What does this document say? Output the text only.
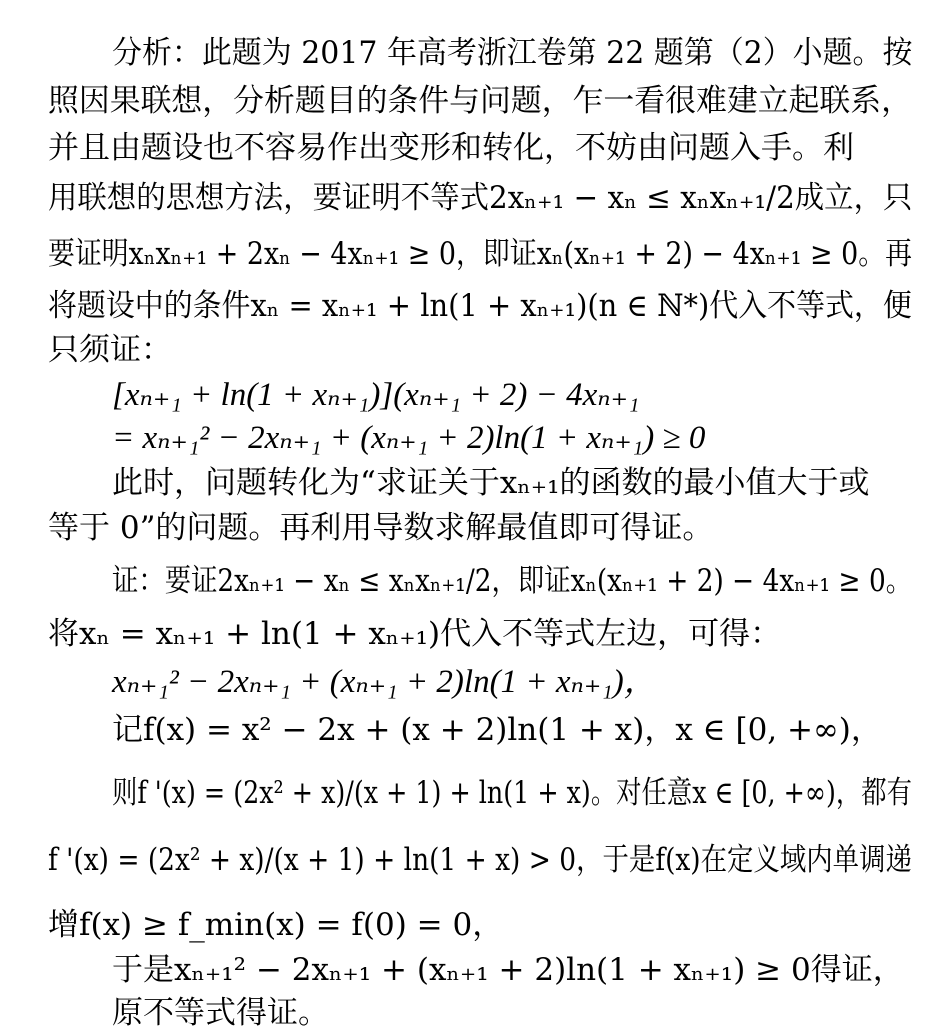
分析：此题为 2017 年高考浙江卷第 22 题第（2）小题。按
照因果联想，分析题目的条件与问题，乍一看很难建立起联系，
并且由题设也不容易作出变形和转化，不妨由问题入手。利
用联想的思想方法，要证明不等式2xₙ₊₁ − xₙ ≤ xₙxₙ₊₁/2成立，只
要证明xₙxₙ₊₁ + 2xₙ − 4xₙ₊₁ ≥ 0，即证xₙ(xₙ₊₁ + 2) − 4xₙ₊₁ ≥ 0。再
将题设中的条件xₙ = xₙ₊₁ + ln(1 + xₙ₊₁)(n ∈ ℕ*)代入不等式，便
只须证：
[xₙ₊₁ + ln(1 + xₙ₊₁)](xₙ₊₁ + 2) − 4xₙ₊₁
= xₙ₊₁² − 2xₙ₊₁ + (xₙ₊₁ + 2)ln(1 + xₙ₊₁) ≥ 0
此时，问题转化为“求证关于xₙ₊₁的函数的最小值大于或
等于 0”的问题。再利用导数求解最值即可得证。
证：要证2xₙ₊₁ − xₙ ≤ xₙxₙ₊₁/2，即证xₙ(xₙ₊₁ + 2) − 4xₙ₊₁ ≥ 0。
将xₙ = xₙ₊₁ + ln(1 + xₙ₊₁)代入不等式左边，可得：
xₙ₊₁² − 2xₙ₊₁ + (xₙ₊₁ + 2)ln(1 + xₙ₊₁)，
记f(x) = x² − 2x + (x + 2)ln(1 + x)，x ∈ [0, +∞)，
则f '(x) = (2x² + x)/(x + 1) + ln(1 + x)。对任意x ∈ [0, +∞)，都有
f '(x) = (2x² + x)/(x + 1) + ln(1 + x) > 0，于是f(x)在定义域内单调递
增f(x) ≥ f_min(x) = f(0) = 0，
于是xₙ₊₁² − 2xₙ₊₁ + (xₙ₊₁ + 2)ln(1 + xₙ₊₁) ≥ 0得证，
原不等式得证。
